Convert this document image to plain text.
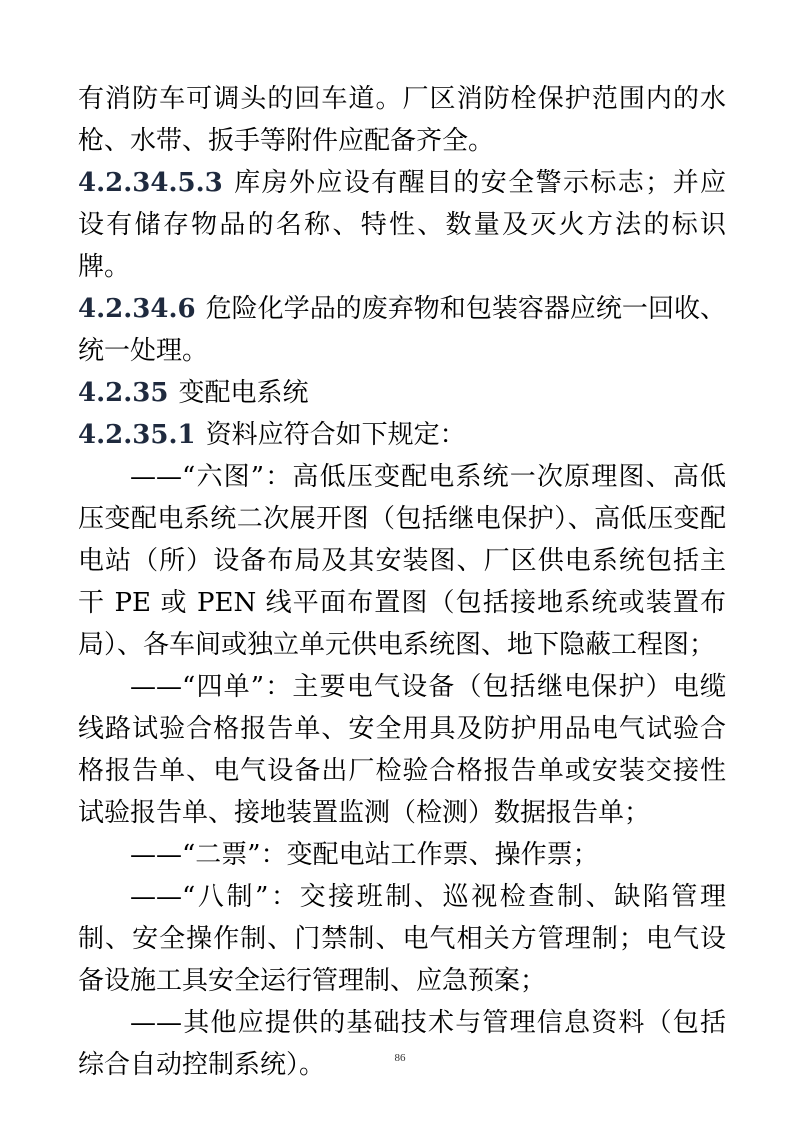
有消防车可调头的回车道。厂区消防栓保护范围内的水枪、水带、扳手等附件应配备齐全。

4.2.34.5.3 库房外应设有醒目的安全警示标志；并应设有储存物品的名称、特性、数量及灭火方法的标识牌。

4.2.34.6 危险化学品的废弃物和包装容器应统一回收、统一处理。

4.2.35 变配电系统

4.2.35.1 资料应符合如下规定：

——“六图”：高低压变配电系统一次原理图、高低压变配电系统二次展开图（包括继电保护）、高低压变配电站（所）设备布局及其安装图、厂区供电系统包括主干 PE 或 PEN 线平面布置图（包括接地系统或装置布局）、各车间或独立单元供电系统图、地下隐蔽工程图；

——“四单”：主要电气设备（包括继电保护）电缆线路试验合格报告单、安全用具及防护用品电气试验合格报告单、电气设备出厂检验合格报告单或安装交接性试验报告单、接地装置监测（检测）数据报告单；

——“二票”：变配电站工作票、操作票；

——“八制”：交接班制、巡视检查制、缺陷管理制、安全操作制、门禁制、电气相关方管理制；电气设备设施工具安全运行管理制、应急预案；

——其他应提供的基础技术与管理信息资料（包括综合自动控制系统）。	86
